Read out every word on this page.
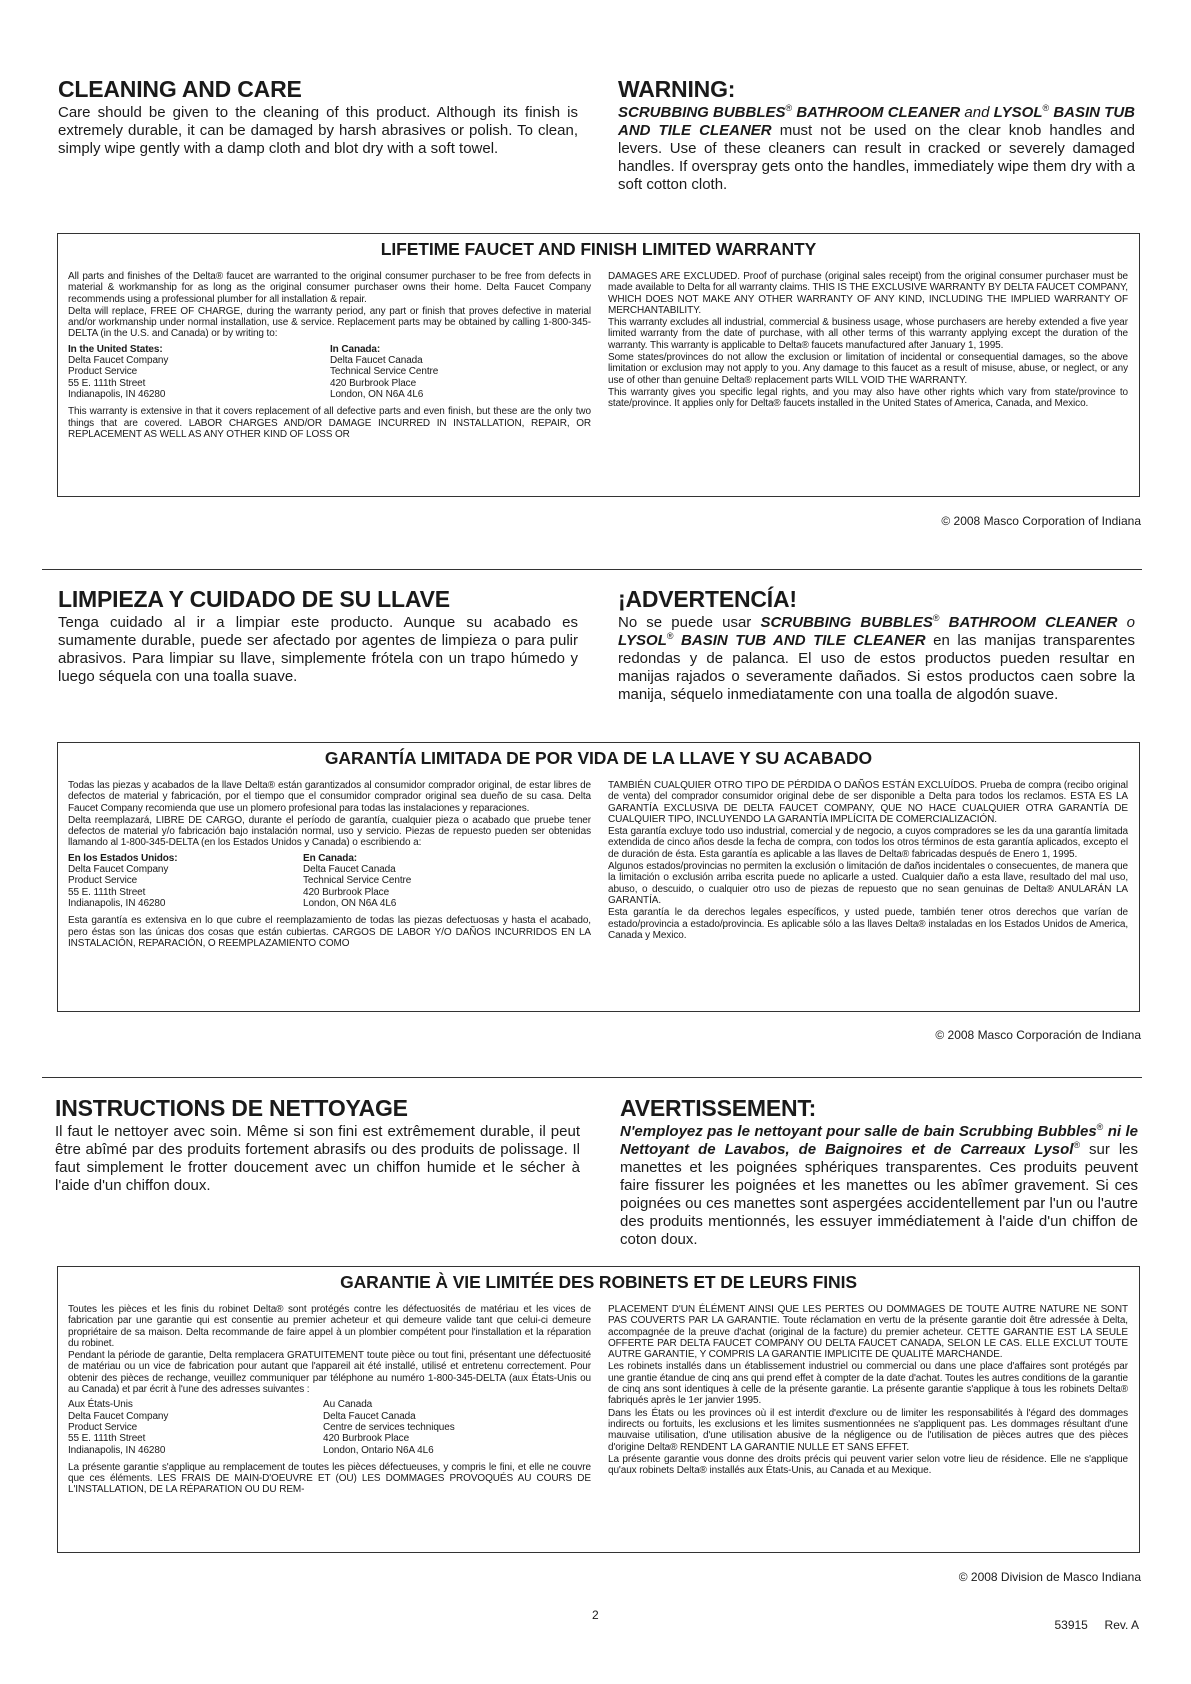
CLEANING AND CARE

Care should be given to the cleaning of this product. Although its finish is extremely durable, it can be damaged by harsh abrasives or polish. To clean, simply wipe gently with a damp cloth and blot dry with a soft towel.

WARNING:

SCRUBBING BUBBLES® BATHROOM CLEANER and LYSOL® BASIN TUB AND TILE CLEANER must not be used on the clear knob handles and levers. Use of these cleaners can result in cracked or severely damaged handles. If overspray gets onto the handles, immediately wipe them dry with a soft cotton cloth.

LIFETIME FAUCET AND FINISH LIMITED WARRANTY

All parts and finishes of the Delta® faucet are warranted to the original consumer purchaser to be free from defects in material & workmanship for as long as the original consumer purchaser owns their home. Delta Faucet Company recommends using a professional plumber for all installation & repair.

Delta will replace, FREE OF CHARGE, during the warranty period, any part or finish that proves defective in material and/or workmanship under normal installation, use & service. Replacement parts may be obtained by calling 1-800-345-DELTA (in the U.S. and Canada) or by writing to:

In the United States:
Delta Faucet Company
Product Service
55 E. 111th Street
Indianapolis, IN 46280
In Canada:
Delta Faucet Canada
Technical Service Centre
420 Burbrook Place
London, ON N6A 4L6

This warranty is extensive in that it covers replacement of all defective parts and even finish, but these are the only two things that are covered. LABOR CHARGES AND/OR DAMAGE INCURRED IN INSTALLATION, REPAIR, OR REPLACEMENT AS WELL AS ANY OTHER KIND OF LOSS OR

DAMAGES ARE EXCLUDED. Proof of purchase (original sales receipt) from the original consumer purchaser must be made available to Delta for all warranty claims. THIS IS THE EXCLUSIVE WARRANTY BY DELTA FAUCET COMPANY, WHICH DOES NOT MAKE ANY OTHER WARRANTY OF ANY KIND, INCLUDING THE IMPLIED WARRANTY OF MERCHANTABILITY.

This warranty excludes all industrial, commercial & business usage, whose purchasers are hereby extended a five year limited warranty from the date of purchase, with all other terms of this warranty applying except the duration of the warranty. This warranty is applicable to Delta® faucets manufactured after January 1, 1995.

Some states/provinces do not allow the exclusion or limitation of incidental or consequential damages, so the above limitation or exclusion may not apply to you. Any damage to this faucet as a result of misuse, abuse, or neglect, or any use of other than genuine Delta® replacement parts WILL VOID THE WARRANTY.

This warranty gives you specific legal rights, and you may also have other rights which vary from state/province to state/province. It applies only for Delta® faucets installed in the United States of America, Canada, and Mexico.

© 2008 Masco Corporation of Indiana
LIMPIEZA Y CUIDADO DE SU LLAVE

Tenga cuidado al ir a limpiar este producto. Aunque su acabado es sumamente durable, puede ser afectado por agentes de limpieza o para pulir abrasivos. Para limpiar su llave, simplemente frótela con un trapo húmedo y luego séquela con una toalla suave.

¡ADVERTENCÍA!

No se puede usar SCRUBBING BUBBLES® BATHROOM CLEANER o LYSOL® BASIN TUB AND TILE CLEANER en las manijas transparentes redondas y de palanca. El uso de estos productos pueden resultar en manijas rajados o severamente dañados. Si estos productos caen sobre la manija, séquelo inmediatamente con una toalla de algodón suave.

GARANTÍA LIMITADA DE POR VIDA DE LA LLAVE Y SU ACABADO

Todas las piezas y acabados de la llave Delta® están garantizados al consumidor comprador original, de estar libres de defectos de material y fabricación, por el tiempo que el consumidor comprador original sea dueño de su casa. Delta Faucet Company recomienda que use un plomero profesional para todas las instalaciones y reparaciones.

Delta reemplazará, LIBRE DE CARGO, durante el período de garantía, cualquier pieza o acabado que pruebe tener defectos de material y/o fabricación bajo instalación normal, uso y servicio. Piezas de repuesto pueden ser obtenidas llamando al 1-800-345-DELTA (en los Estados Unidos y Canada) o escribiendo a:

En los Estados Unidos:
Delta Faucet Company
Product Service
55 E. 111th Street
Indianapolis, IN 46280
En Canada:
Delta Faucet Canada
Technical Service Centre
420 Burbrook Place
London, ON N6A 4L6

Esta garantía es extensiva en lo que cubre el reemplazamiento de todas las piezas defectuosas y hasta el acabado, pero éstas son las únicas dos cosas que están cubiertas. CARGOS DE LABOR Y/O DAÑOS INCURRIDOS EN LA INSTALACIÓN, REPARACIÓN, O REEMPLAZAMIENTO COMO

TAMBIÉN CUALQUIER OTRO TIPO DE PÉRDIDA O DAÑOS ESTÁN EXCLUÍDOS. Prueba de compra (recibo original de venta) del comprador consumidor original debe de ser disponible a Delta para todos los reclamos. ESTA ES LA GARANTÍA EXCLUSIVA DE DELTA FAUCET COMPANY, QUE NO HACE CUALQUIER OTRA GARANTÍA DE CUALQUIER TIPO, INCLUYENDO LA GARANTÍA IMPLÍCITA DE COMERCIALIZACIÓN.

Esta garantía excluye todo uso industrial, comercial y de negocio, a cuyos compradores se les da una garantía limitada extendida de cinco años desde la fecha de compra, con todos los otros términos de esta garantía aplicados, excepto el de duración de ésta. Esta garantía es aplicable a las llaves de Delta® fabricadas después de Enero 1, 1995.

Algunos estados/provincias no permiten la exclusión o limitación de daños incidentales o consecuentes, de manera que la limitación o exclusión arriba escrita puede no aplicarle a usted. Cualquier daño a esta llave, resultado del mal uso, abuso, o descuido, o cualquier otro uso de piezas de repuesto que no sean genuinas de Delta® ANULARÁN LA GARANTÍA.

Esta garantía le da derechos legales específicos, y usted puede, también tener otros derechos que varían de estado/provincia a estado/provincia. Es aplicable sólo a las llaves Delta® instaladas en los Estados Unidos de America, Canada y Mexico.

© 2008 Masco Corporación de Indiana
INSTRUCTIONS DE NETTOYAGE

Il faut le nettoyer avec soin. Même si son fini est extrêmement durable, il peut être abîmé par des produits fortement abrasifs ou des produits de polissage. Il faut simplement le frotter doucement avec un chiffon humide et le sécher à l'aide d'un chiffon doux.

AVERTISSEMENT:

N'employez pas le nettoyant pour salle de bain Scrubbing Bubbles® ni le Nettoyant de Lavabos, de Baignoires et de Carreaux Lysol® sur les manettes et les poignées sphériques transparentes. Ces produits peuvent faire fissurer les poignées et les manettes ou les abîmer gravement. Si ces poignées ou ces manettes sont aspergées accidentellement par l'un ou l'autre des produits mentionnés, les essuyer immédiatement à l'aide d'un chiffon de coton doux.

GARANTIE À VIE LIMITÉE DES ROBINETS ET DE LEURS FINIS

Toutes les pièces et les finis du robinet Delta® sont protégés contre les défectuosités de matériau et les vices de fabrication par une garantie qui est consentie au premier acheteur et qui demeure valide tant que celui-ci demeure propriétaire de sa maison. Delta recommande de faire appel à un plombier compétent pour l'installation et la réparation du robinet.

Pendant la période de garantie, Delta remplacera GRATUITEMENT toute pièce ou tout fini, présentant une défectuosité de matériau ou un vice de fabrication pour autant que l'appareil ait été installé, utilisé et entretenu correctement. Pour obtenir des pièces de rechange, veuillez communiquer par téléphone au numéro 1-800-345-DELTA (aux États-Unis ou au Canada) et par écrit à l'une des adresses suivantes :

Aux États-Unis
Delta Faucet Company
Product Service
55 E. 111th Street
Indianapolis, IN 46280
Au Canada
Delta Faucet Canada
Centre de services techniques
420 Burbrook Place
London, Ontario N6A 4L6

La présente garantie s'applique au remplacement de toutes les pièces défectueuses, y compris le fini, et elle ne couvre que ces éléments. LES FRAIS DE MAIN-D'OEUVRE ET (OU) LES DOMMAGES PROVOQUÉS AU COURS DE L'INSTALLATION, DE LA RÉPARATION OU DU REM-

PLACEMENT D'UN ÉLÉMENT AINSI QUE LES PERTES OU DOMMAGES DE TOUTE AUTRE NATURE NE SONT PAS COUVERTS PAR LA GARANTIE. Toute réclamation en vertu de la présente garantie doit être adressée à Delta, accompagnée de la preuve d'achat (original de la facture) du premier acheteur. CETTE GARANTIE EST LA SEULE OFFERTE PAR DELTA FAUCET COMPANY OU DELTA FAUCET CANADA, SELON LE CAS. ELLE EXCLUT TOUTE AUTRE GARANTIE, Y COMPRIS LA GARANTIE IMPLICITE DE QUALITÉ MARCHANDE.

Les robinets installés dans un établissement industriel ou commercial ou dans une place d'affaires sont protégés par une grantie étandue de cinq ans qui prend effet à compter de la date d'achat. Toutes les autres conditions de la garantie de cinq ans sont identiques à celle de la présente garantie. La présente garantie s'applique à tous les robinets Delta® fabriqués après le 1er janvier 1995.

Dans les États ou les provinces où il est interdit d'exclure ou de limiter les responsabilités à l'égard des dommages indirects ou fortuits, les exclusions et les limites susmentionnées ne s'appliquent pas. Les dommages résultant d'une mauvaise utilisation, d'une utilisation abusive de la négligence ou de l'utilisation de pièces autres que des pièces d'origine Delta® RENDENT LA GARANTIE NULLE ET SANS EFFET.

La présente garantie vous donne des droits précis qui peuvent varier selon votre lieu de résidence. Elle ne s'applique qu'aux robinets Delta® installés aux États-Unis, au Canada et au Mexique.

© 2008 Division de Masco Indiana
2
53915 Rev. A
